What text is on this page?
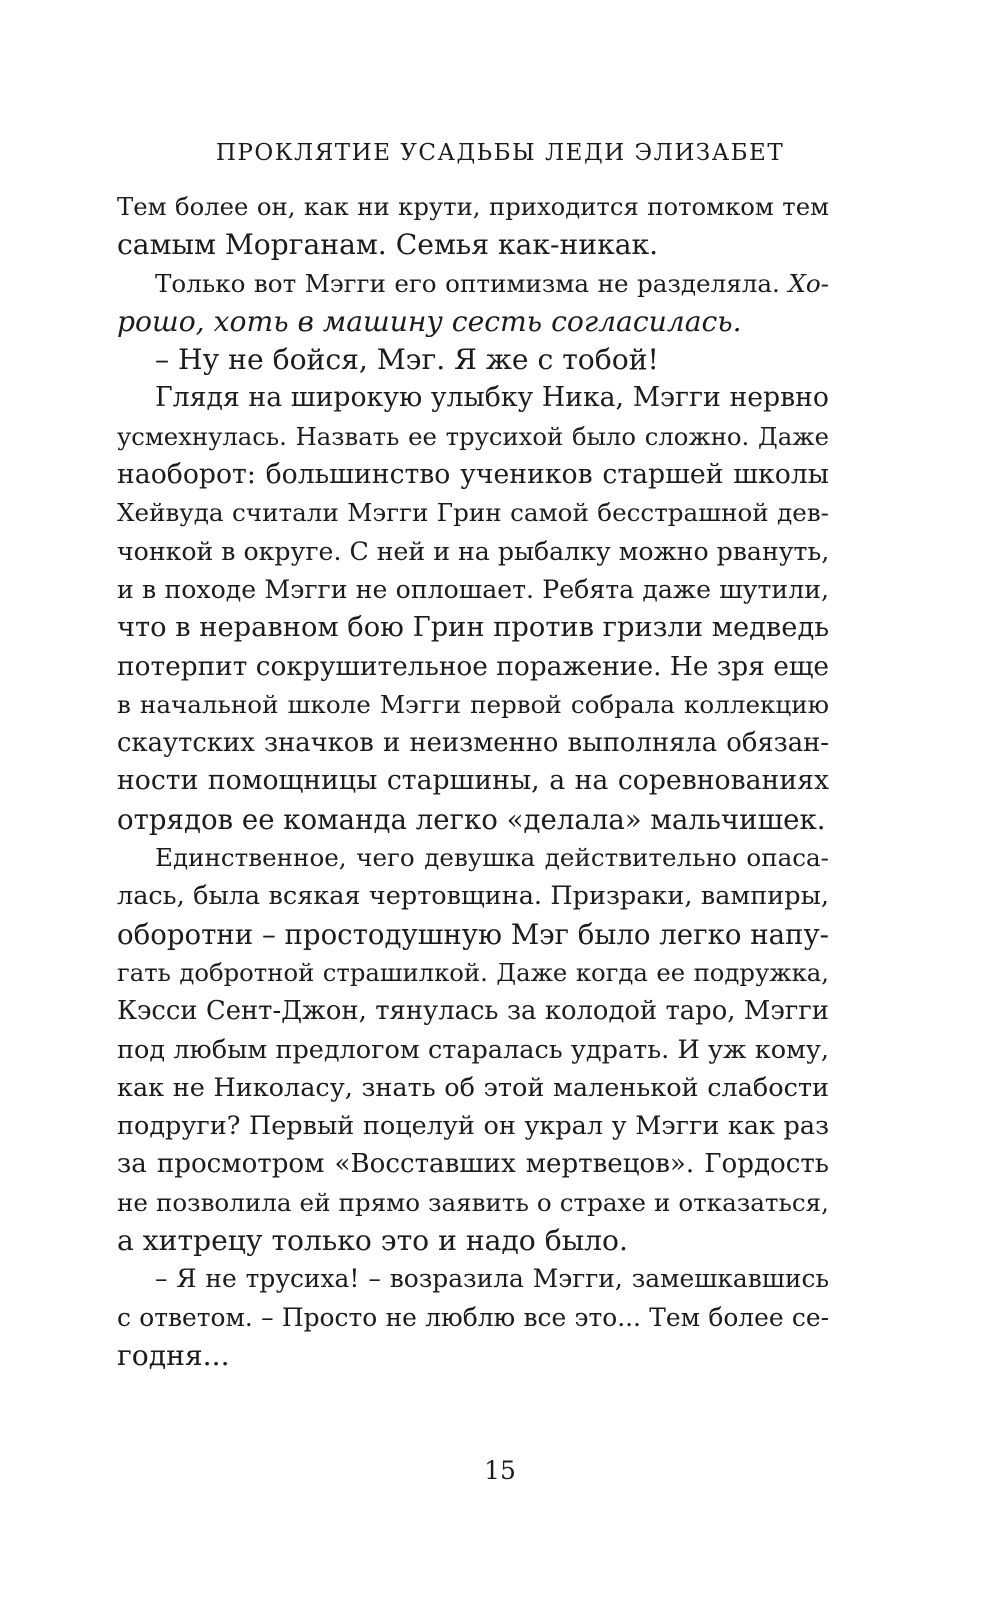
ПРОКЛЯТИЕ УСАДЬБЫ ЛЕДИ ЭЛИЗАБЕТ
Тем более он, как ни крути, приходится потомком тем
самым Морганам. Семья как-никак.
Только вот Мэгги его оптимизма не разделяла. Хо-
рошо, хоть в машину сесть согласилась.
– Ну не бойся, Мэг. Я же с тобой!
Глядя на широкую улыбку Ника, Мэгги нервно
усмехнулась. Назвать ее трусихой было сложно. Даже
наоборот: большинство учеников старшей школы
Хейвуда считали Мэгги Грин самой бесстрашной дев-
чонкой в округе. С ней и на рыбалку можно рвануть,
и в походе Мэгги не оплошает. Ребята даже шутили,
что в неравном бою Грин против гризли медведь
потерпит сокрушительное поражение. Не зря еще
в начальной школе Мэгги первой собрала коллекцию
скаутских значков и неизменно выполняла обязан-
ности помощницы старшины, а на соревнованиях
отрядов ее команда легко «делала» мальчишек.
Единственное, чего девушка действительно опаса-
лась, была всякая чертовщина. Призраки, вампиры,
оборотни – простодушную Мэг было легко напу-
гать добротной страшилкой. Даже когда ее подружка,
Кэсси Сент-Джон, тянулась за колодой таро, Мэгги
под любым предлогом старалась удрать. И уж кому,
как не Николасу, знать об этой маленькой слабости
подруги? Первый поцелуй он украл у Мэгги как раз
за просмотром «Восставших мертвецов». Гордость
не позволила ей прямо заявить о страхе и отказаться,
а хитрецу только это и надо было.
– Я не трусиха! – возразила Мэгги, замешкавшись
с ответом. – Просто не люблю все это... Тем более се-
годня...
15
